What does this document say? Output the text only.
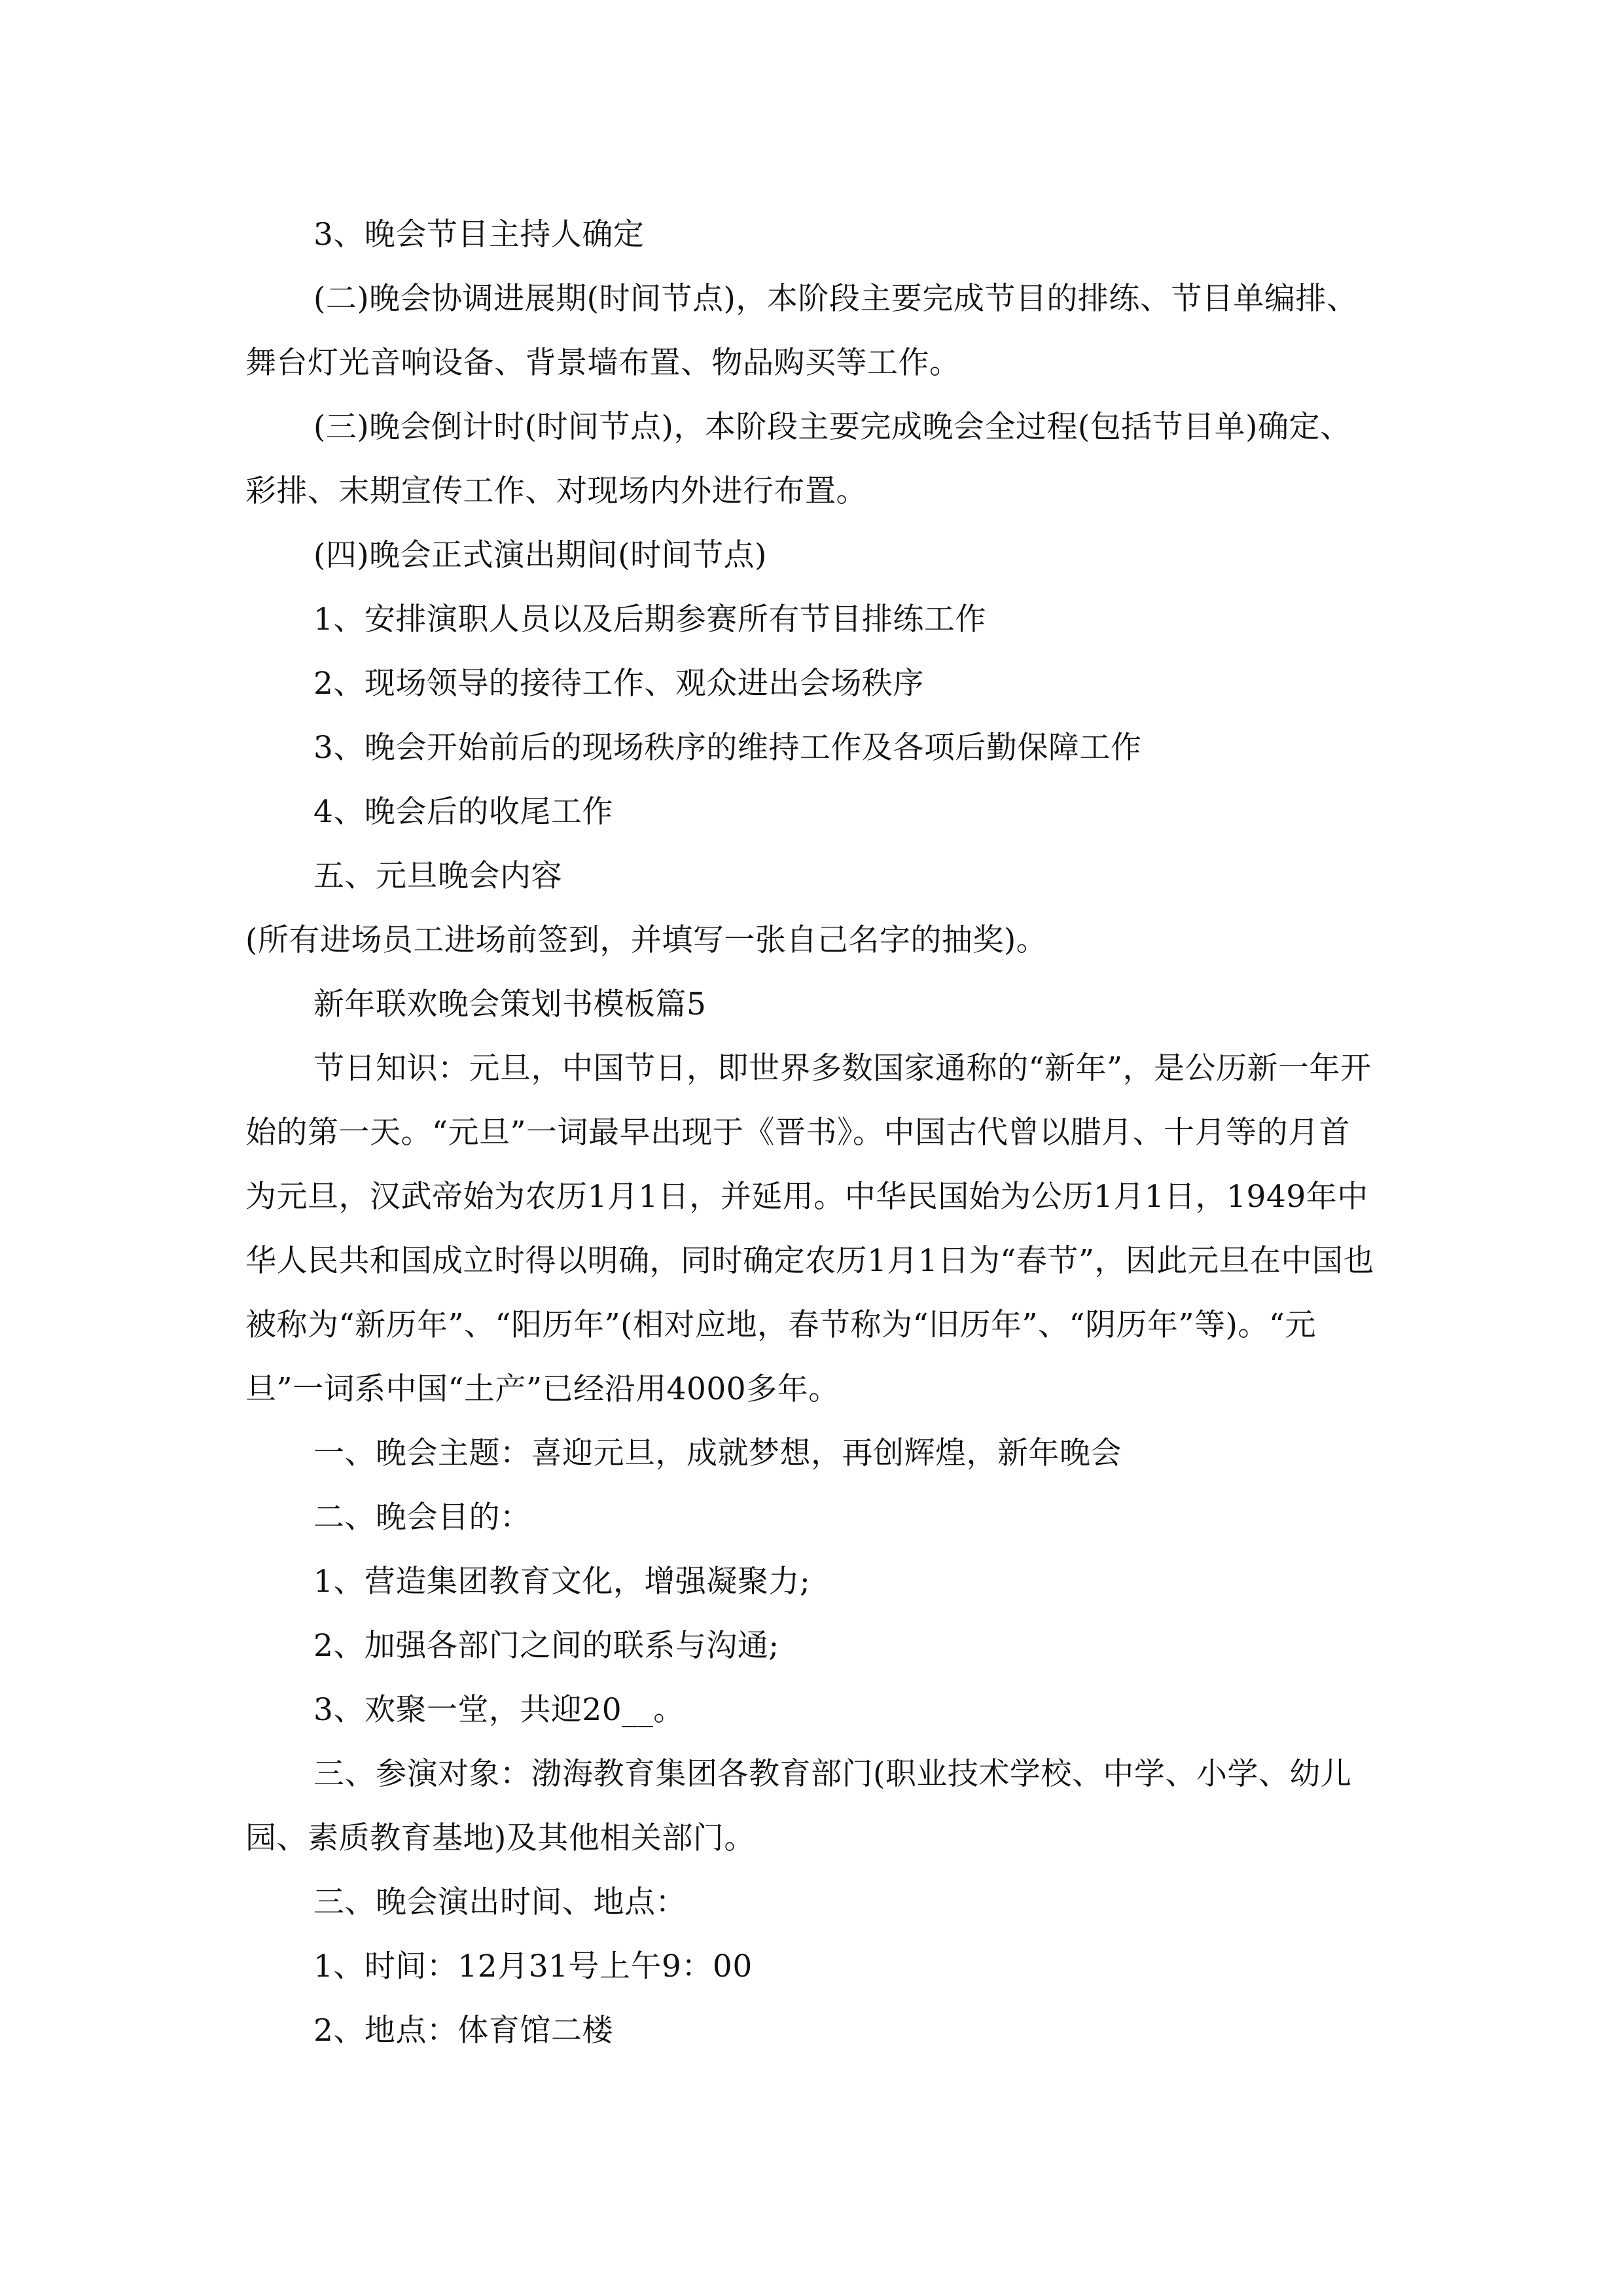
3、晚会节目主持人确定

(二)晚会协调进展期(时间节点)，本阶段主要完成节目的排练、节目单编排、舞台灯光音响设备、背景墙布置、物品购买等工作。

(三)晚会倒计时(时间节点)，本阶段主要完成晚会全过程(包括节目单)确定、彩排、末期宣传工作、对现场内外进行布置。

(四)晚会正式演出期间(时间节点)

1、安排演职人员以及后期参赛所有节目排练工作

2、现场领导的接待工作、观众进出会场秩序

3、晚会开始前后的现场秩序的维持工作及各项后勤保障工作

4、晚会后的收尾工作

五、元旦晚会内容

(所有进场员工进场前签到，并填写一张自己名字的抽奖)。

新年联欢晚会策划书模板篇5

节日知识：元旦，中国节日，即世界多数国家通称的“新年”，是公历新一年开始的第一天。“元旦”一词最早出现于《晋书》。中国古代曾以腊月、十月等的月首为元旦，汉武帝始为农历1月1日，并延用。中华民国始为公历1月1日，1949年中华人民共和国成立时得以明确，同时确定农历1月1日为“春节”，因此元旦在中国也被称为“新历年”、“阳历年”(相对应地，春节称为“旧历年”、“阴历年”等)。“元旦”一词系中国“土产”已经沿用4000多年。

一、晚会主题：喜迎元旦，成就梦想，再创辉煌，新年晚会

二、晚会目的：

1、营造集团教育文化，增强凝聚力;

2、加强各部门之间的联系与沟通;

3、欢聚一堂，共迎20__。

三、参演对象：渤海教育集团各教育部门(职业技术学校、中学、小学、幼儿园、素质教育基地)及其他相关部门。

三、晚会演出时间、地点：

1、时间：12月31号上午9：00

2、地点：体育馆二楼
